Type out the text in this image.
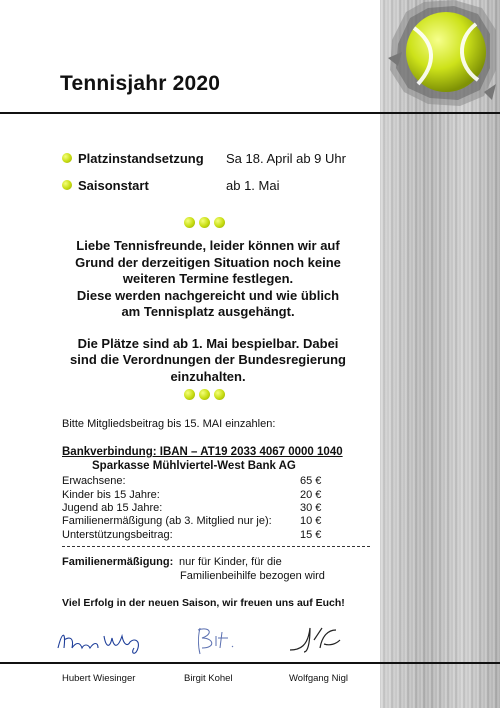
Tennisjahr 2020
Platzinstandsetzung Sa 18. April ab 9 Uhr
Saisonstart	ab 1. Mai
Liebe Tennisfreunde, leider können wir auf
Grund der derzeitigen Situation noch keine
weiteren Termine festlegen.
Diese werden nachgereicht und wie üblich
am Tennisplatz ausgehängt.
Die Plätze sind ab 1. Mai bespielbar. Dabei
sind die Verordnungen der Bundesregierung
einzuhalten.
Bitte Mitgliedsbeitrag bis 15. MAI einzahlen:
Bankverbindung: IBAN – AT19 2033 4067 0000 1040
Sparkasse Mühlviertel-West Bank AG
Erwachsene:	65 €
Kinder bis 15 Jahre:	20 €
Jugend ab 15 Jahre:	30 €
Familienermäßigung (ab 3. Mitglied nur je):	10 €
Unterstützungsbeitrag:	15 €
Familienermäßigung: nur für Kinder, für die
Familienbeihilfe bezogen wird
Viel Erfolg in der neuen Saison, wir freuen uns auf Euch!
Hubert Wiesinger	Birgit Kohel	Wolfgang Nigl
